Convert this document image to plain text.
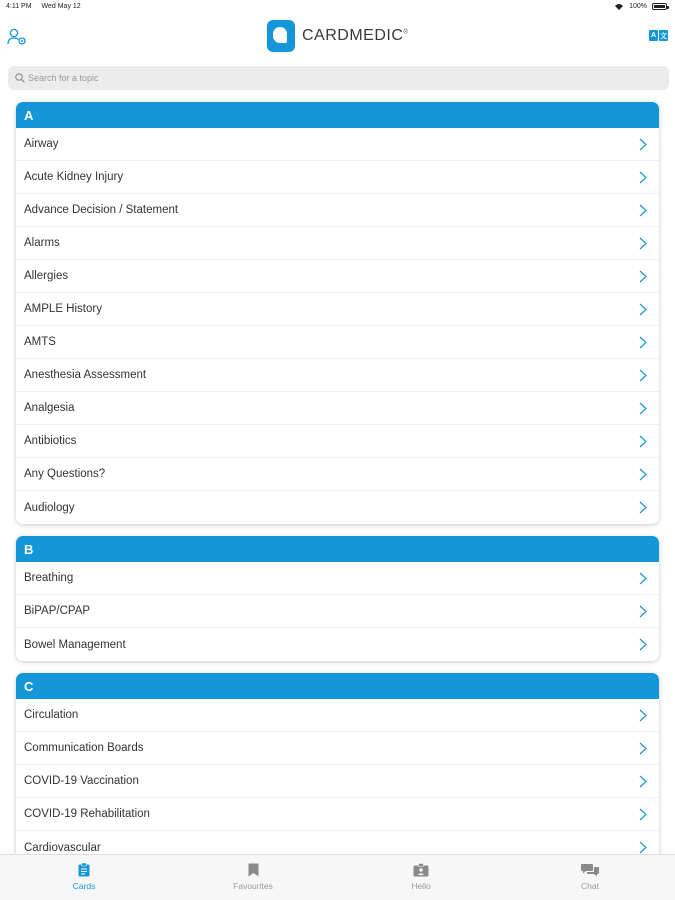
4:11 PM Wed May 12	100%
CARDMEDIC®	A 文
Search for a topic
A
Airway
Acute Kidney Injury
Advance Decision / Statement
Alarms
Allergies
AMPLE History
AMTS
Anesthesia Assessment
Analgesia
Antibiotics
Any Questions?
Audiology
B
Breathing
BiPAP/CPAP
Bowel Management
C
Circulation
Communication Boards
COVID-19 Vaccination
COVID-19 Rehabilitation
Cardiovascular
Cards	Favourites	Hello	Chat
